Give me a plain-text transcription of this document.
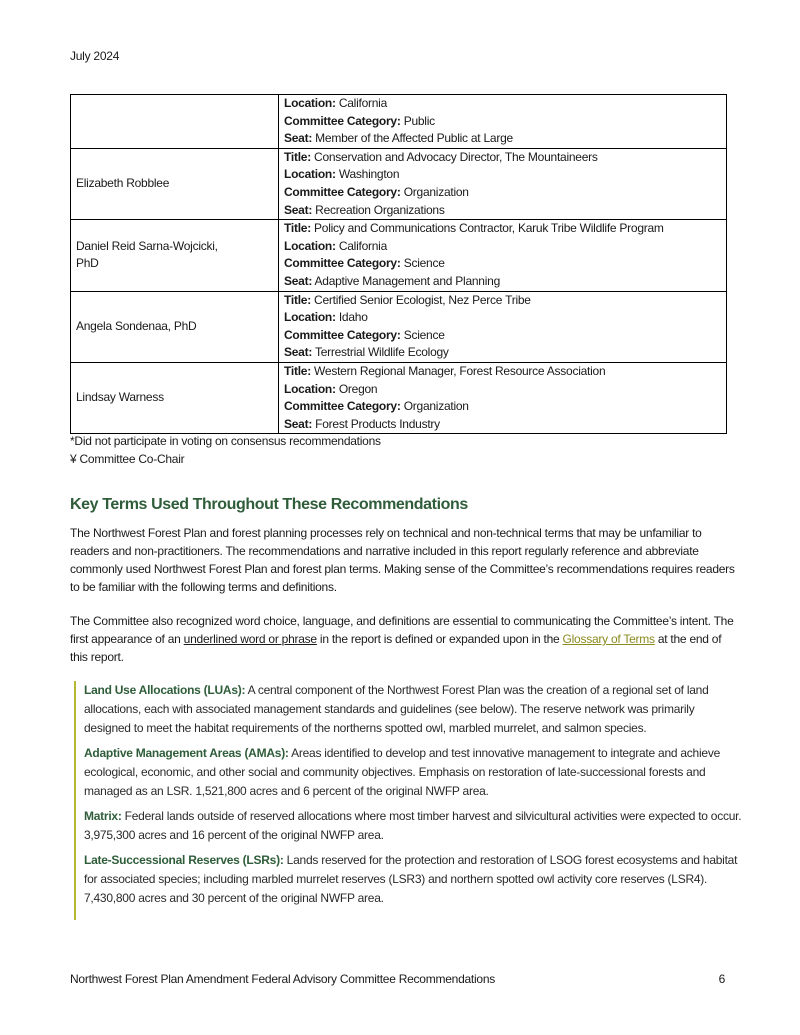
July 2024

	Location: California
Committee Category: Public
Seat: Member of the Affected Public at Large

Elizabeth Robblee	Title: Conservation and Advocacy Director, The Mountaineers
Location: Washington
Committee Category: Organization
Seat: Recreation Organizations

Daniel Reid Sarna-Wojcicki, PhD	Title: Policy and Communications Contractor, Karuk Tribe Wildlife Program
Location: California
Committee Category: Science
Seat: Adaptive Management and Planning

Angela Sondenaa, PhD	Title: Certified Senior Ecologist, Nez Perce Tribe
Location: Idaho
Committee Category: Science
Seat: Terrestrial Wildlife Ecology

Lindsay Warness	Title: Western Regional Manager, Forest Resource Association
Location: Oregon
Committee Category: Organization
Seat: Forest Products Industry
*Did not participate in voting on consensus recommendations
¥ Committee Co-Chair
Key Terms Used Throughout These Recommendations
The Northwest Forest Plan and forest planning processes rely on technical and non-technical terms that may be unfamiliar to readers and non-practitioners. The recommendations and narrative included in this report regularly reference and abbreviate commonly used Northwest Forest Plan and forest plan terms. Making sense of the Committee’s recommendations requires readers to be familiar with the following terms and definitions.
The Committee also recognized word choice, language, and definitions are essential to communicating the Committee’s intent. The first appearance of an underlined word or phrase in the report is defined or expanded upon in the Glossary of Terms at the end of this report.
Land Use Allocations (LUAs): A central component of the Northwest Forest Plan was the creation of a regional set of land allocations, each with associated management standards and guidelines (see below). The reserve network was primarily designed to meet the habitat requirements of the northerns spotted owl, marbled murrelet, and salmon species.
Adaptive Management Areas (AMAs): Areas identified to develop and test innovative management to integrate and achieve ecological, economic, and other social and community objectives. Emphasis on restoration of late-successional forests and managed as an LSR. 1,521,800 acres and 6 percent of the original NWFP area.
Matrix: Federal lands outside of reserved allocations where most timber harvest and silvicultural activities were expected to occur. 3,975,300 acres and 16 percent of the original NWFP area.
Late-Successional Reserves (LSRs): Lands reserved for the protection and restoration of LSOG forest ecosystems and habitat for associated species; including marbled murrelet reserves (LSR3) and northern spotted owl activity core reserves (LSR4). 7,430,800 acres and 30 percent of the original NWFP area.
Northwest Forest Plan Amendment Federal Advisory Committee Recommendations	6
